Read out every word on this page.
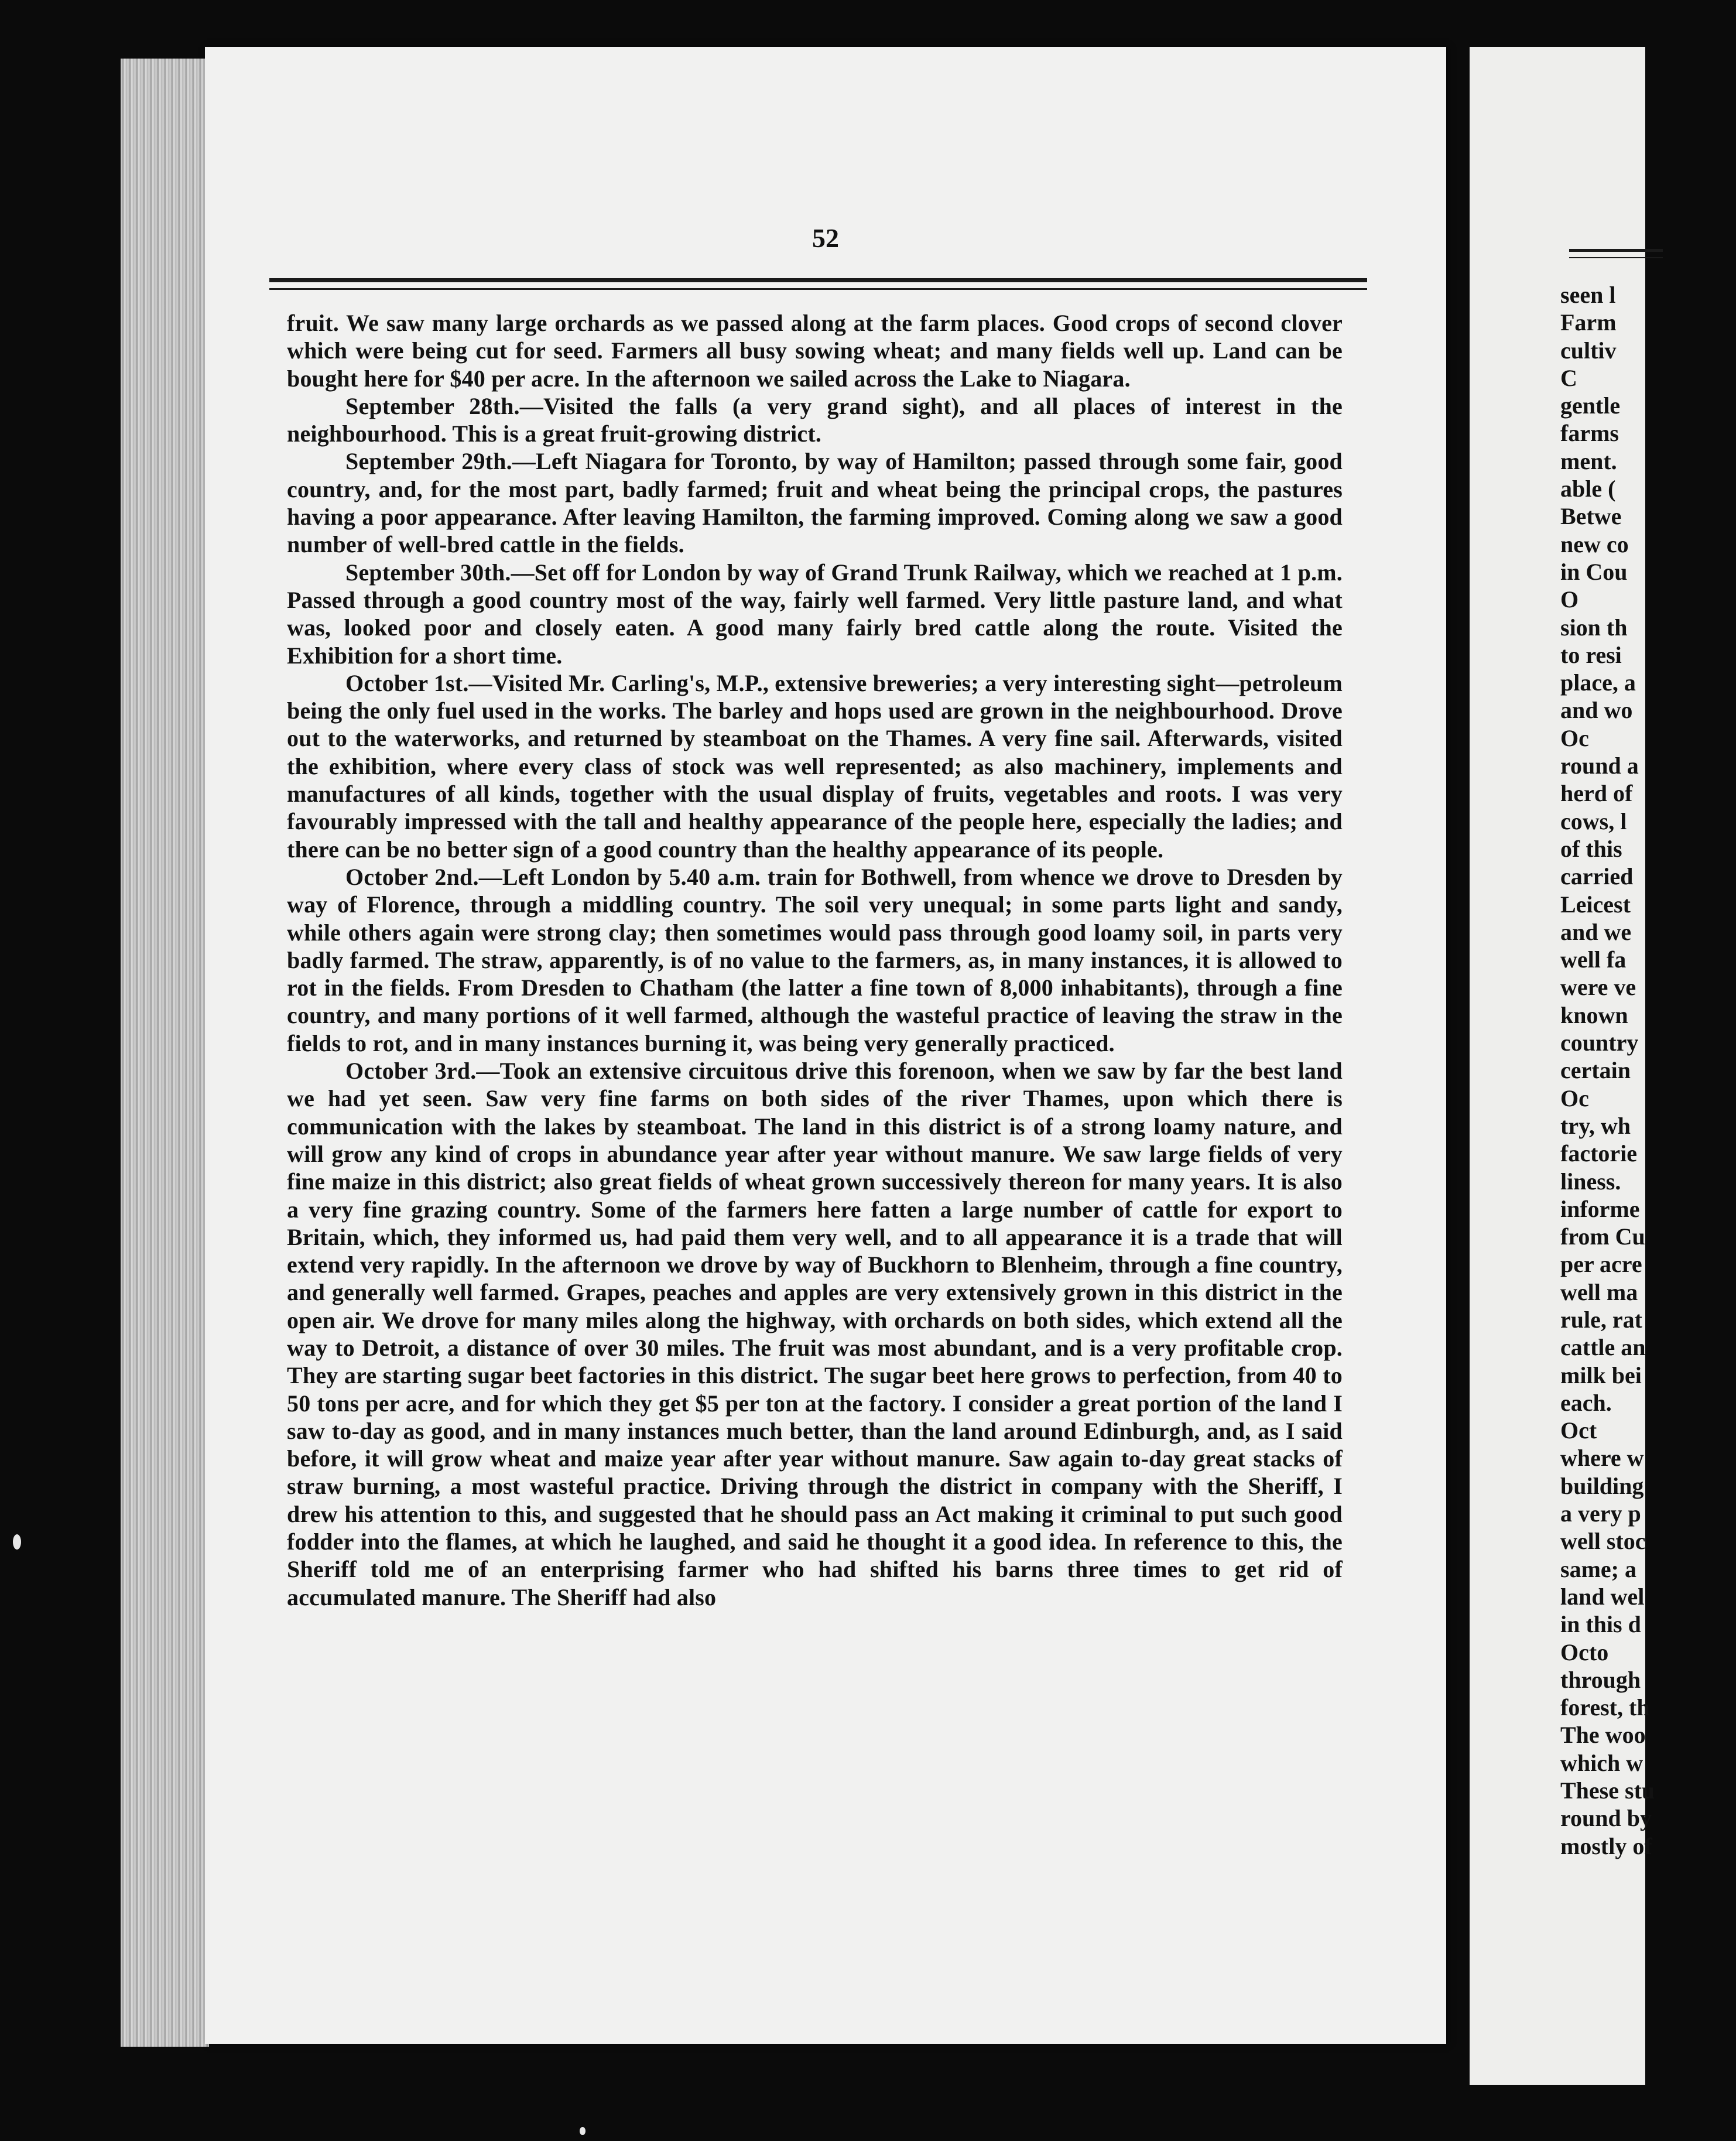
52

fruit. We saw many large orchards as we passed along at the farm places. Good crops of second clover which were being cut for seed. Farmers all busy sowing wheat; and many fields well up. Land can be bought here for $40 per acre. In the afternoon we sailed across the Lake to Niagara.

September 28th.—Visited the falls (a very grand sight), and all places of interest in the neighbourhood. This is a great fruit-growing district.

September 29th.—Left Niagara for Toronto, by way of Hamilton; passed through some fair, good country, and, for the most part, badly farmed; fruit and wheat being the principal crops, the pastures having a poor appearance. After leaving Hamilton, the farming improved. Coming along we saw a good number of well-bred cattle in the fields.

September 30th.—Set off for London by way of Grand Trunk Railway, which we reached at 1 p.m. Passed through a good country most of the way, fairly well farmed. Very little pasture land, and what was, looked poor and closely eaten. A good many fairly bred cattle along the route. Visited the Exhibition for a short time.

October 1st.—Visited Mr. Carling's, M.P., extensive breweries; a very interesting sight—petroleum being the only fuel used in the works. The barley and hops used are grown in the neighbourhood. Drove out to the waterworks, and returned by steamboat on the Thames. A very fine sail. Afterwards, visited the exhibition, where every class of stock was well represented; as also machinery, implements and manufactures of all kinds, together with the usual display of fruits, vegetables and roots. I was very favourably impressed with the tall and healthy appearance of the people here, especially the ladies; and there can be no better sign of a good country than the healthy appearance of its people.

October 2nd.—Left London by 5.40 a.m. train for Bothwell, from whence we drove to Dresden by way of Florence, through a middling country. The soil very unequal; in some parts light and sandy, while others again were strong clay; then sometimes would pass through good loamy soil, in parts very badly farmed. The straw, apparently, is of no value to the farmers, as, in many instances, it is allowed to rot in the fields. From Dresden to Chatham (the latter a fine town of 8,000 inhabitants), through a fine country, and many portions of it well farmed, although the wasteful practice of leaving the straw in the fields to rot, and in many instances burning it, was being very generally practiced.

October 3rd.—Took an extensive circuitous drive this forenoon, when we saw by far the best land we had yet seen. Saw very fine farms on both sides of the river Thames, upon which there is communication with the lakes by steamboat. The land in this district is of a strong loamy nature, and will grow any kind of crops in abundance year after year without manure. We saw large fields of very fine maize in this district; also great fields of wheat grown successively thereon for many years. It is also a very fine grazing country. Some of the farmers here fatten a large number of cattle for export to Britain, which, they informed us, had paid them very well, and to all appearance it is a trade that will extend very rapidly. In the afternoon we drove by way of Buckhorn to Blenheim, through a fine country, and generally well farmed. Grapes, peaches and apples are very extensively grown in this district in the open air. We drove for many miles along the highway, with orchards on both sides, which extend all the way to Detroit, a distance of over 30 miles. The fruit was most abundant, and is a very profitable crop. They are starting sugar beet factories in this district. The sugar beet here grows to perfection, from 40 to 50 tons per acre, and for which they get $5 per ton at the factory. I consider a great portion of the land I saw to-day as good, and in many instances much better, than the land around Edinburgh, and, as I said before, it will grow wheat and maize year after year without manure. Saw again to-day great stacks of straw burning, a most wasteful practice. Driving through the district in company with the Sheriff, I drew his attention to this, and suggested that he should pass an Act making it criminal to put such good fodder into the flames, at which he laughed, and said he thought it a good idea. In reference to this, the Sheriff told me of an enterprising farmer who had shifted his barns three times to get rid of accumulated manure. The Sheriff had also

seen l
Farm
cultiv
C
gentle
farms
ment.
able (
Betwe
new co
in Cou
O
sion th
to resi
place, a
and wo
Oc
round a
herd of
cows, l
of this
carried
Leicest
and we
well fa
were ve
known
country
certain
Oc
try, wh
factorie
liness.
informe
from Cu
per acre
well ma
rule, rat
cattle an
milk bei
each.
Oct
where w
building
a very p
well stoc
same; a
land wel
in this d
Octo
through
forest, th
The woo
which w
These stu
round by
mostly of
